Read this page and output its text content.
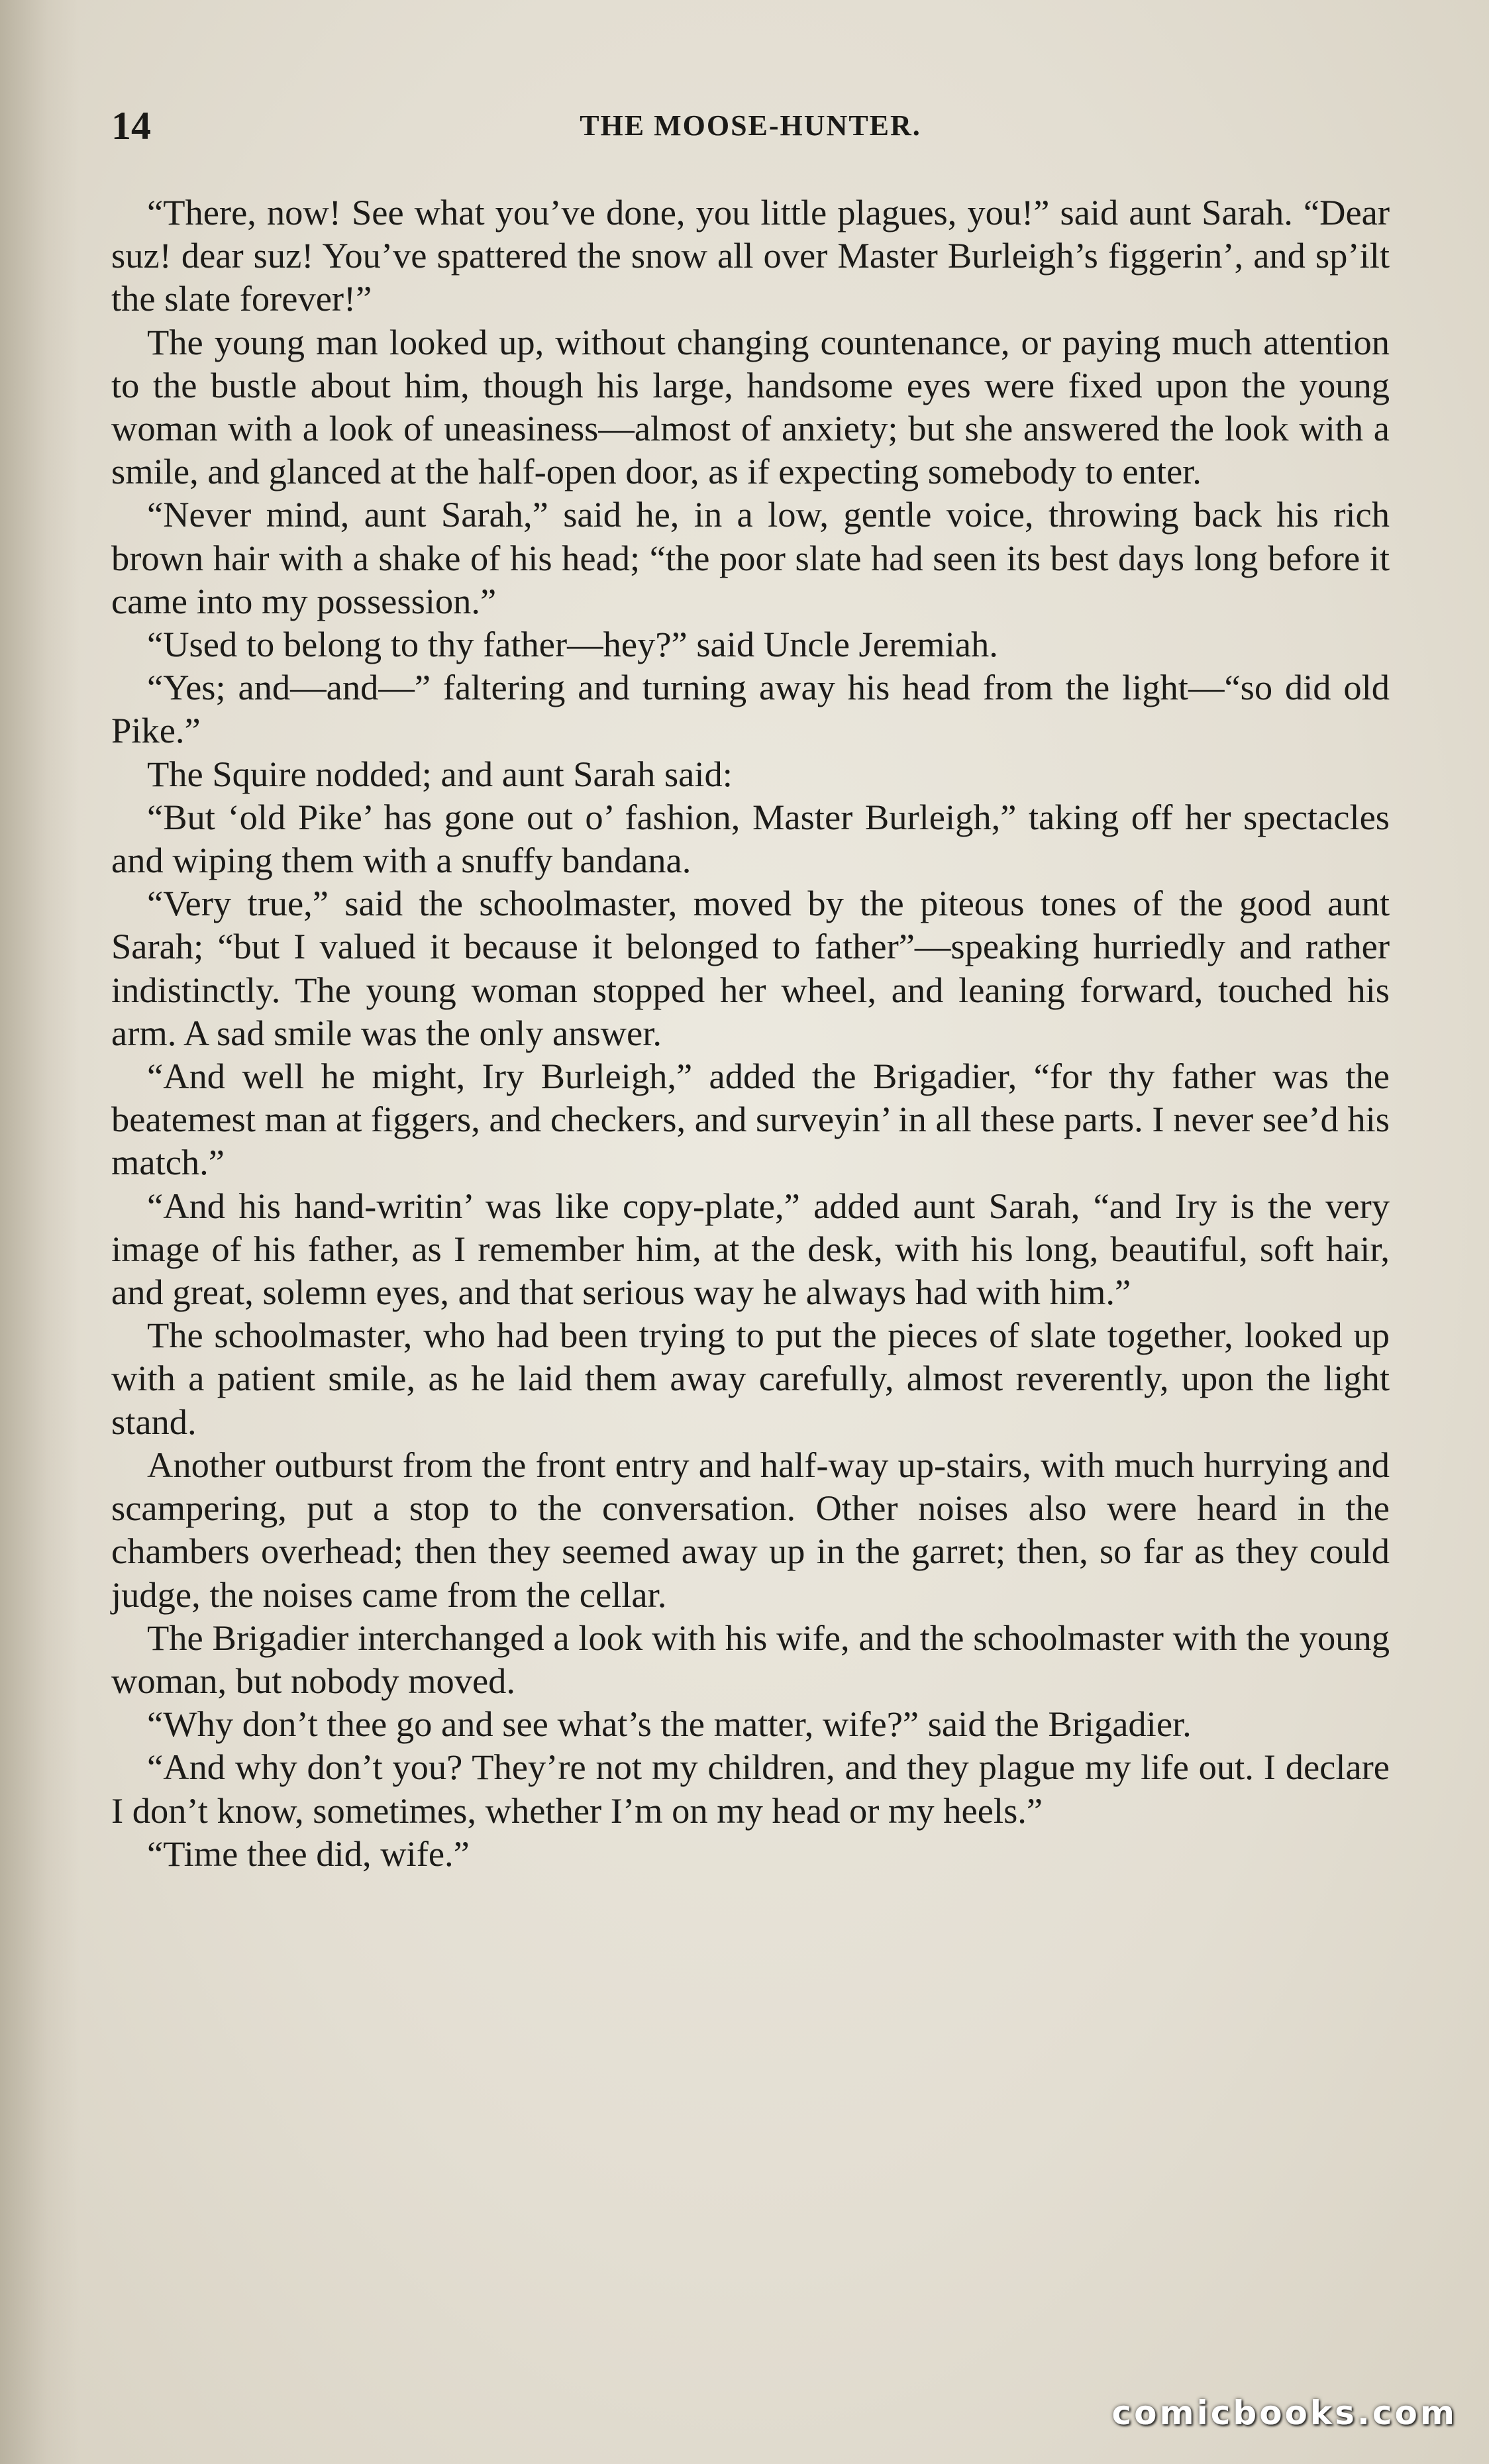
14	THE MOOSE-HUNTER.

“There, now! See what you’ve done, you little plagues, you!” said aunt Sarah. “Dear suz! dear suz! You’ve spattered the snow all over Master Burleigh’s figgerin’, and sp’ilt the slate forever!”

The young man looked up, without changing countenance, or paying much attention to the bustle about him, though his large, handsome eyes were fixed upon the young woman with a look of uneasiness—almost of anxiety; but she answered the look with a smile, and glanced at the half-open door, as if expecting somebody to enter.

“Never mind, aunt Sarah,” said he, in a low, gentle voice, throwing back his rich brown hair with a shake of his head; “the poor slate had seen its best days long before it came into my possession.”

“Used to belong to thy father—hey?” said Uncle Jeremiah.

“Yes; and—and—” faltering and turning away his head from the light—“so did old Pike.”

The Squire nodded; and aunt Sarah said:

“But ‘old Pike’ has gone out o’ fashion, Master Burleigh,” taking off her spectacles and wiping them with a snuffy bandana.

“Very true,” said the schoolmaster, moved by the piteous tones of the good aunt Sarah; “but I valued it because it belonged to father”—speaking hurriedly and rather indistinctly. The young woman stopped her wheel, and leaning forward, touched his arm. A sad smile was the only answer.

“And well he might, Iry Burleigh,” added the Brigadier, “for thy father was the beatemest man at figgers, and checkers, and surveyin’ in all these parts. I never see’d his match.”

“And his hand-writin’ was like copy-plate,” added aunt Sarah, “and Iry is the very image of his father, as I remember him, at the desk, with his long, beautiful, soft hair, and great, solemn eyes, and that serious way he always had with him.”

The schoolmaster, who had been trying to put the pieces of slate together, looked up with a patient smile, as he laid them away carefully, almost reverently, upon the light stand.

Another outburst from the front entry and half-way up-stairs, with much hurrying and scampering, put a stop to the conversation. Other noises also were heard in the chambers overhead; then they seemed away up in the garret; then, so far as they could judge, the noises came from the cellar.

The Brigadier interchanged a look with his wife, and the schoolmaster with the young woman, but nobody moved.

“Why don’t thee go and see what’s the matter, wife?” said the Brigadier.

“And why don’t you? They’re not my children, and they plague my life out. I declare I don’t know, sometimes, whether I’m on my head or my heels.”

“Time thee did, wife.”

comicbooks.com
